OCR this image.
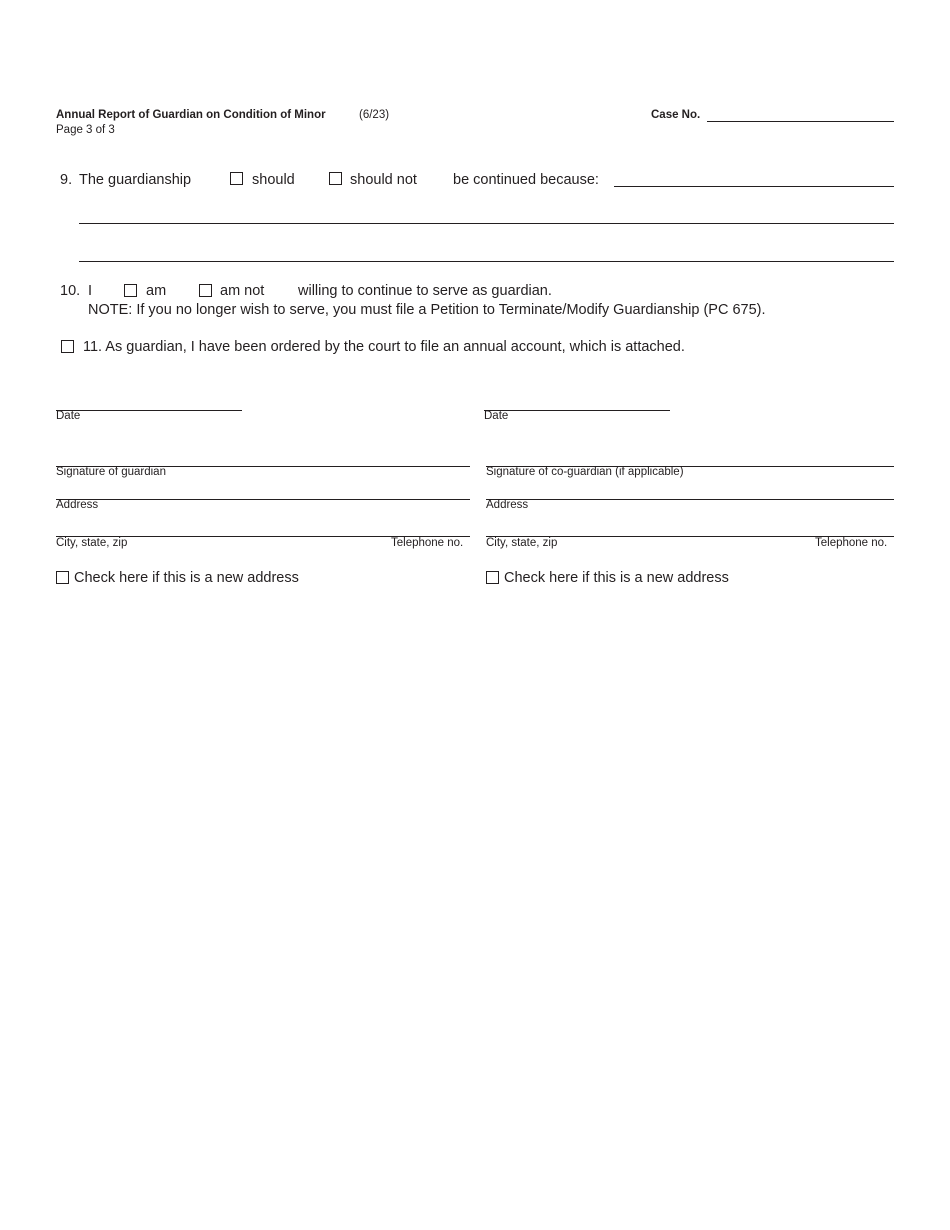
Annual Report of Guardian on Condition of Minor	(6/23)
Page 3 of 3
Case No.
9. The guardianship	should	should not be continued because:
10. I	am	am not willing to continue to serve as guardian.
NOTE: If you no longer wish to serve, you must file a Petition to Terminate/Modify Guardianship (PC 675).
11. As guardian, I have been ordered by the court to file an annual account, which is attached.
Date
Signature of guardian
Address
City, state, zip	Telephone no.
Check here if this is a new address
Date
Signature of co-guardian (if applicable)
Address
City, state, zip	Telephone no.
Check here if this is a new address
